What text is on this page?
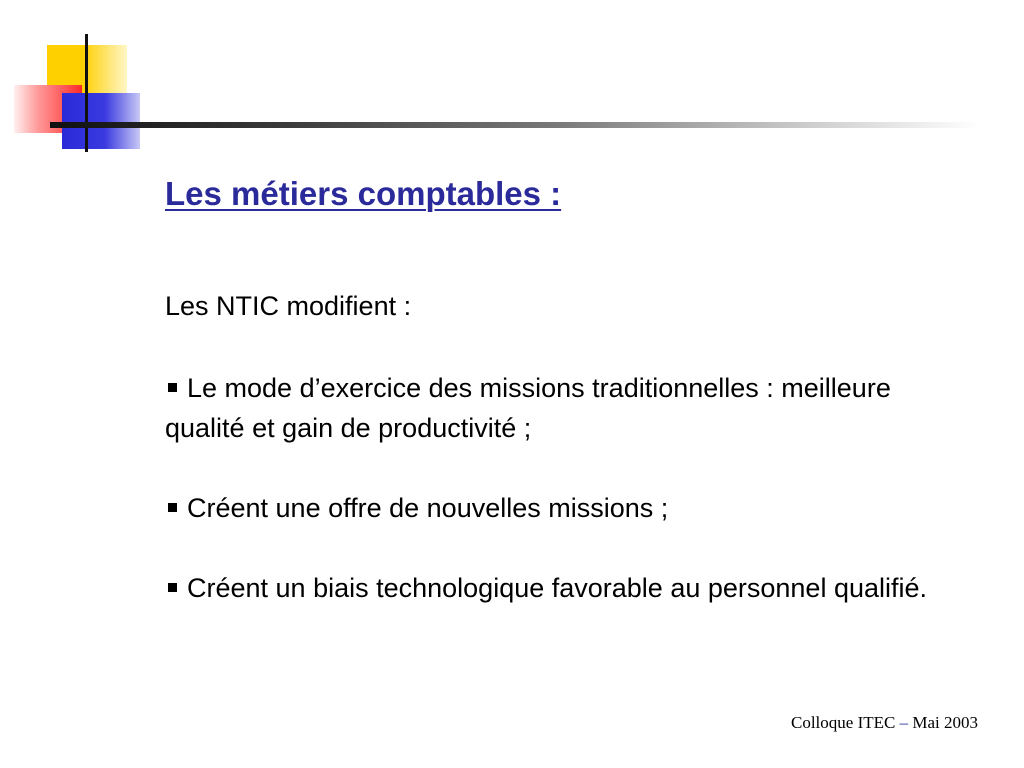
Les métiers comptables :
Les NTIC modifient :
Le mode d’exercice des missions traditionnelles : meilleure qualité et gain de productivité ;
Créent une offre de nouvelles missions ;
Créent un biais technologique favorable au personnel qualifié.
Colloque ITEC – Mai 2003
